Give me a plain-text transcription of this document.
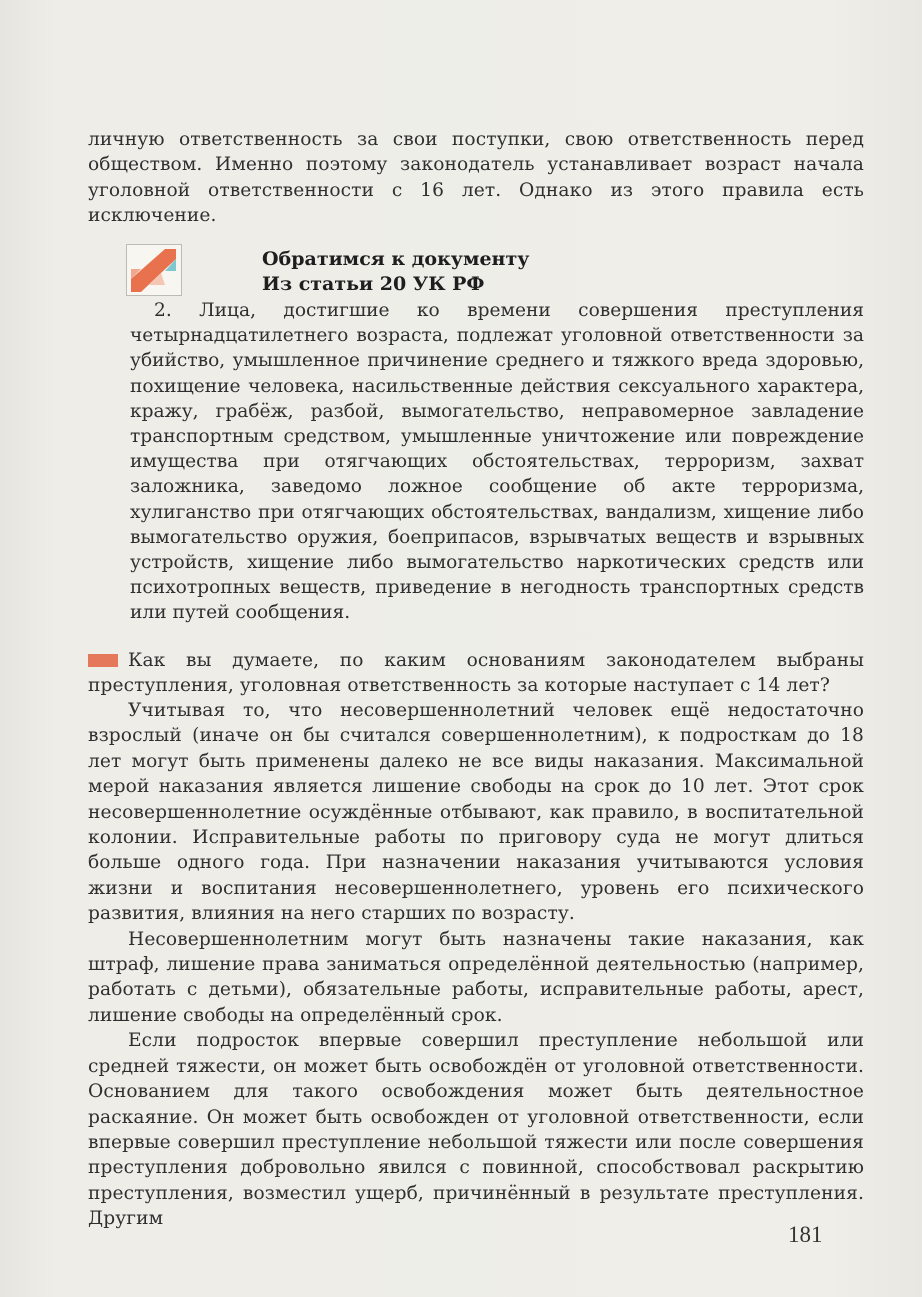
личную ответственность за свои поступки, свою ответственность перед обществом. Именно поэтому законодатель устанавливает возраст начала уголовной ответственности с 16 лет. Однако из этого правила есть исключение.

Обратимся к документу
Из статьи 20 УК РФ

2. Лица, достигшие ко времени совершения преступления четырнадцатилетнего возраста, подлежат уголовной ответственности за убийство, умышленное причинение среднего и тяжкого вреда здоровью, похищение человека, насильственные действия сексуального характера, кражу, грабёж, разбой, вымогательство, неправомерное завладение транспортным средством, умышленные уничтожение или повреждение имущества при отягчающих обстоятельствах, терроризм, захват заложника, заведомо ложное сообщение об акте терроризма, хулиганство при отягчающих обстоятельствах, вандализм, хищение либо вымогательство оружия, боеприпасов, взрывчатых веществ и взрывных устройств, хищение либо вымогательство наркотических средств или психотропных веществ, приведение в негодность транспортных средств или путей сообщения.

Как вы думаете, по каким основаниям законодателем выбраны преступления, уголовная ответственность за которые наступает с 14 лет?

Учитывая то, что несовершеннолетний человек ещё недостаточно взрослый (иначе он бы считался совершеннолетним), к подросткам до 18 лет могут быть применены далеко не все виды наказания. Максимальной мерой наказания является лишение свободы на срок до 10 лет. Этот срок несовершеннолетние осуждённые отбывают, как правило, в воспитательной колонии. Исправительные работы по приговору суда не могут длиться больше одного года. При назначении наказания учитываются условия жизни и воспитания несовершеннолетнего, уровень его психического развития, влияния на него старших по возрасту.

Несовершеннолетним могут быть назначены такие наказания, как штраф, лишение права заниматься определённой деятельностью (например, работать с детьми), обязательные работы, исправительные работы, арест, лишение свободы на определённый срок.

Если подросток впервые совершил преступление небольшой или средней тяжести, он может быть освобождён от уголовной ответственности. Основанием для такого освобождения может быть деятельностное раскаяние. Он может быть освобожден от уголовной ответственности, если впервые совершил преступление небольшой тяжести или после совершения преступления добровольно явился с повинной, способствовал раскрытию преступления, возместил ущерб, причинённый в результате преступления. Другим

181
